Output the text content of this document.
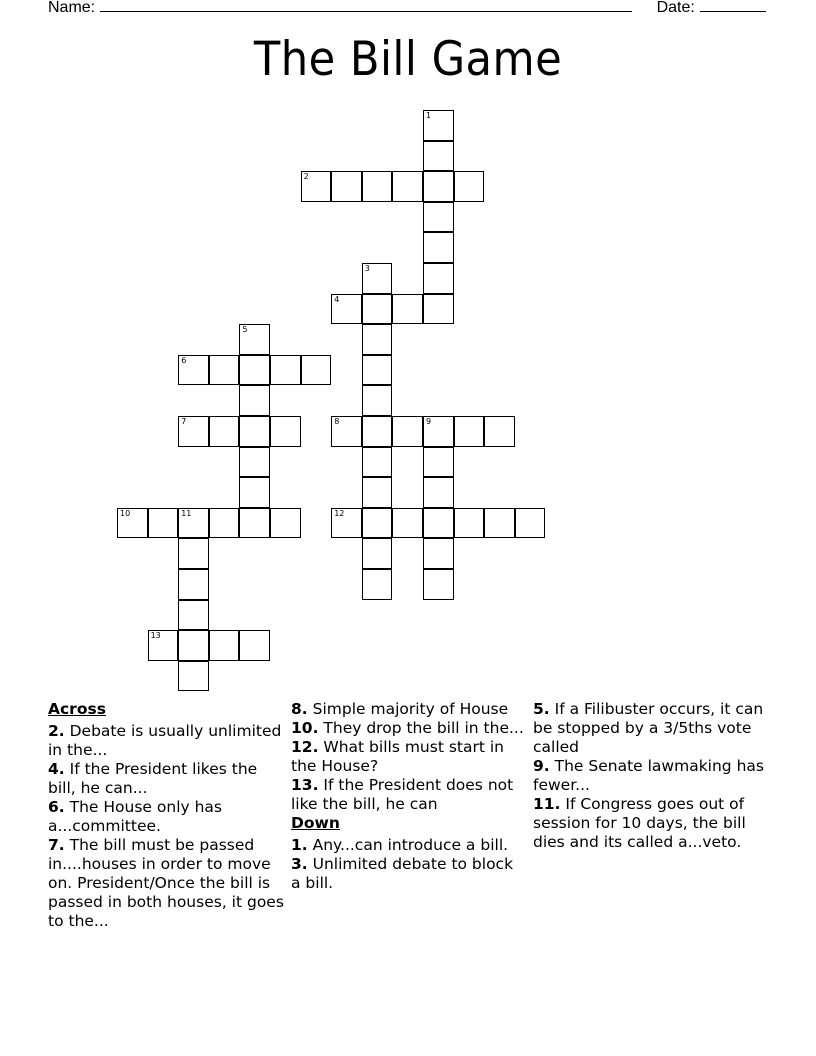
Name:	Date:
The Bill Game
1
2
3
4
5
6
7	8	9
10	11	12
13
Across
2. Debate is usually unlimited in the...
4. If the President likes the bill, he can...
6. The House only has a...committee.
7. The bill must be passed in....houses in order to move on. President/Once the bill is passed in both houses, it goes to the...
8. Simple majority of House
10. They drop the bill in the...
12. What bills must start in the House?
13. If the President does not like the bill, he can
Down
1. Any...can introduce a bill.
3. Unlimited debate to block a bill.
5. If a Filibuster occurs, it can be stopped by a 3/5ths vote called
9. The Senate lawmaking has fewer...
11. If Congress goes out of session for 10 days, the bill dies and its called a...veto.
